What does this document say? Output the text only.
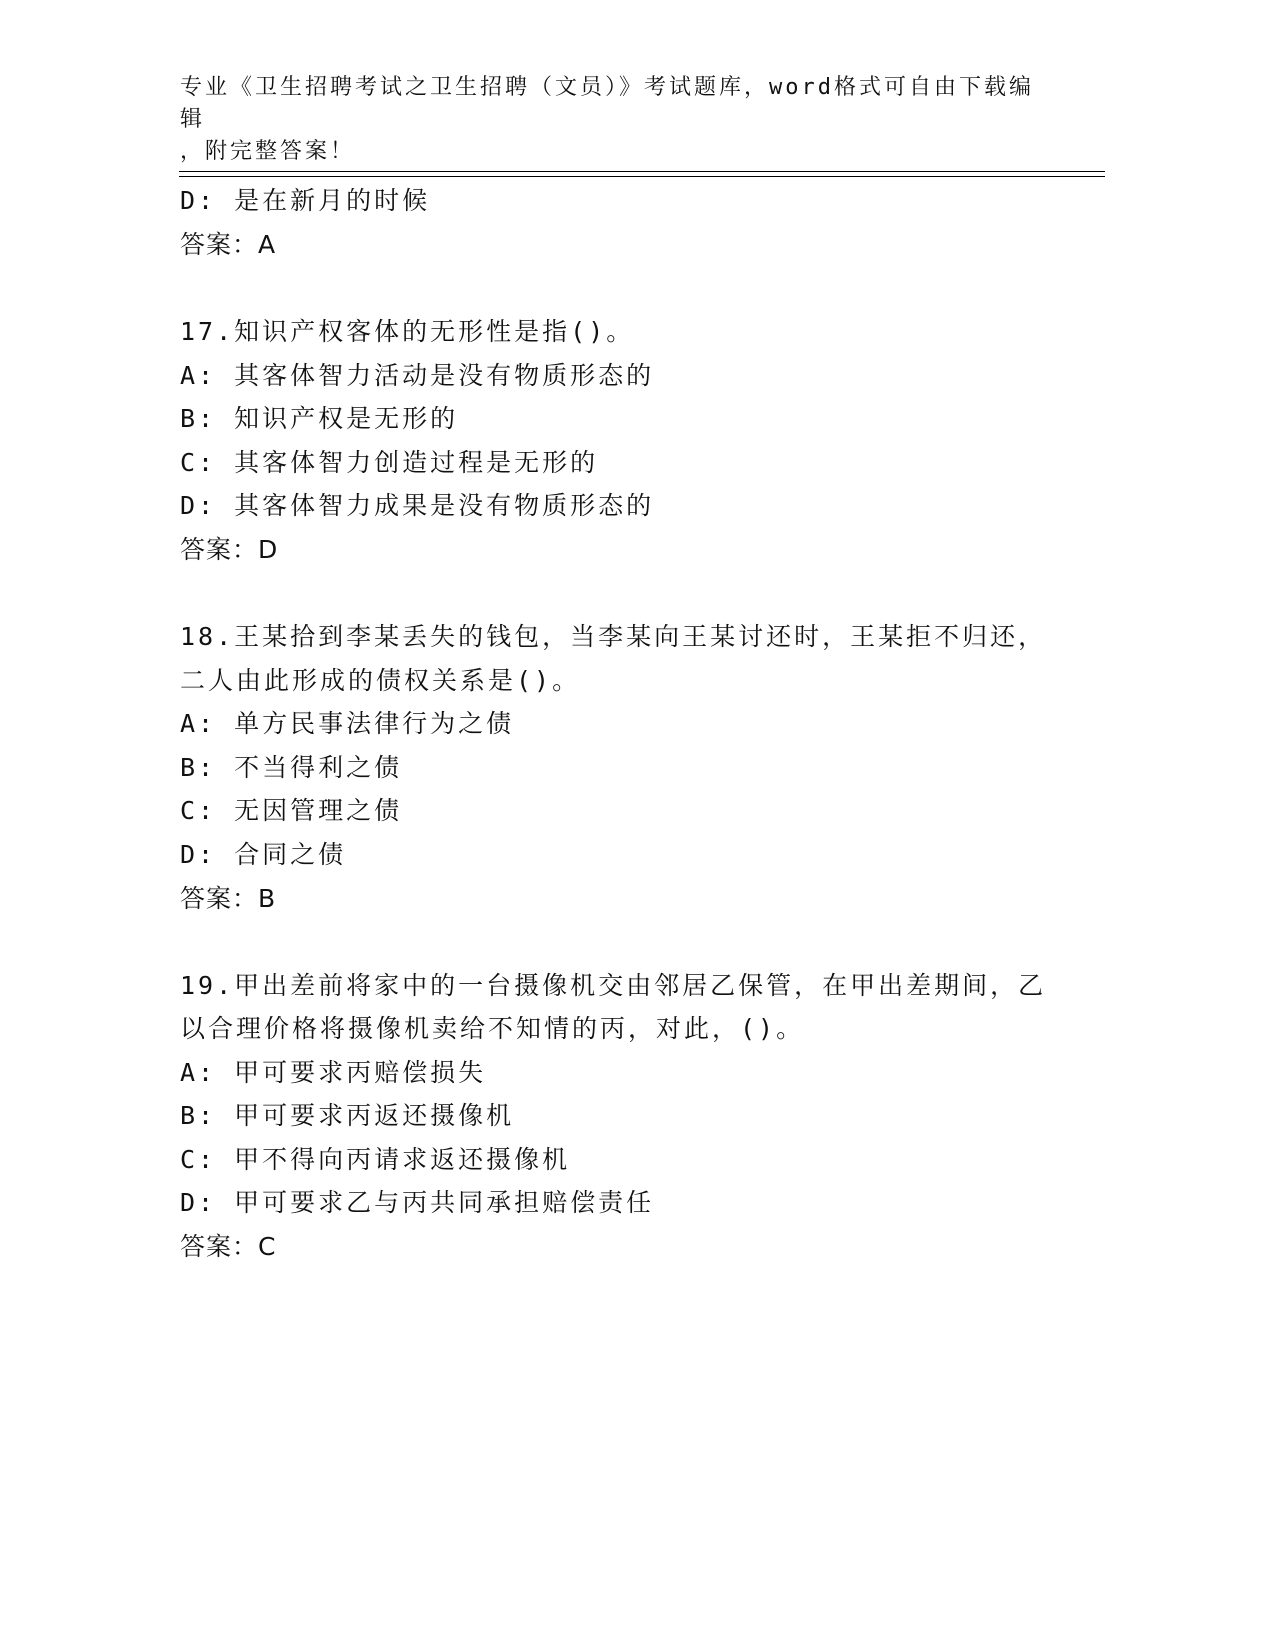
专业《卫生招聘考试之卫生招聘（文员）》考试题库，word格式可自由下载编辑
，附完整答案！
D: 是在新月的时候
答案：A
17.知识产权客体的无形性是指()。
A: 其客体智力活动是没有物质形态的
B: 知识产权是无形的
C: 其客体智力创造过程是无形的
D: 其客体智力成果是没有物质形态的
答案：D
18.王某拾到李某丢失的钱包，当李某向王某讨还时，王某拒不归还，
二人由此形成的债权关系是()。
A: 单方民事法律行为之债
B: 不当得利之债
C: 无因管理之债
D: 合同之债
答案：B
19.甲出差前将家中的一台摄像机交由邻居乙保管，在甲出差期间，乙
以合理价格将摄像机卖给不知情的丙，对此，()。
A: 甲可要求丙赔偿损失
B: 甲可要求丙返还摄像机
C: 甲不得向丙请求返还摄像机
D: 甲可要求乙与丙共同承担赔偿责任
答案：C
